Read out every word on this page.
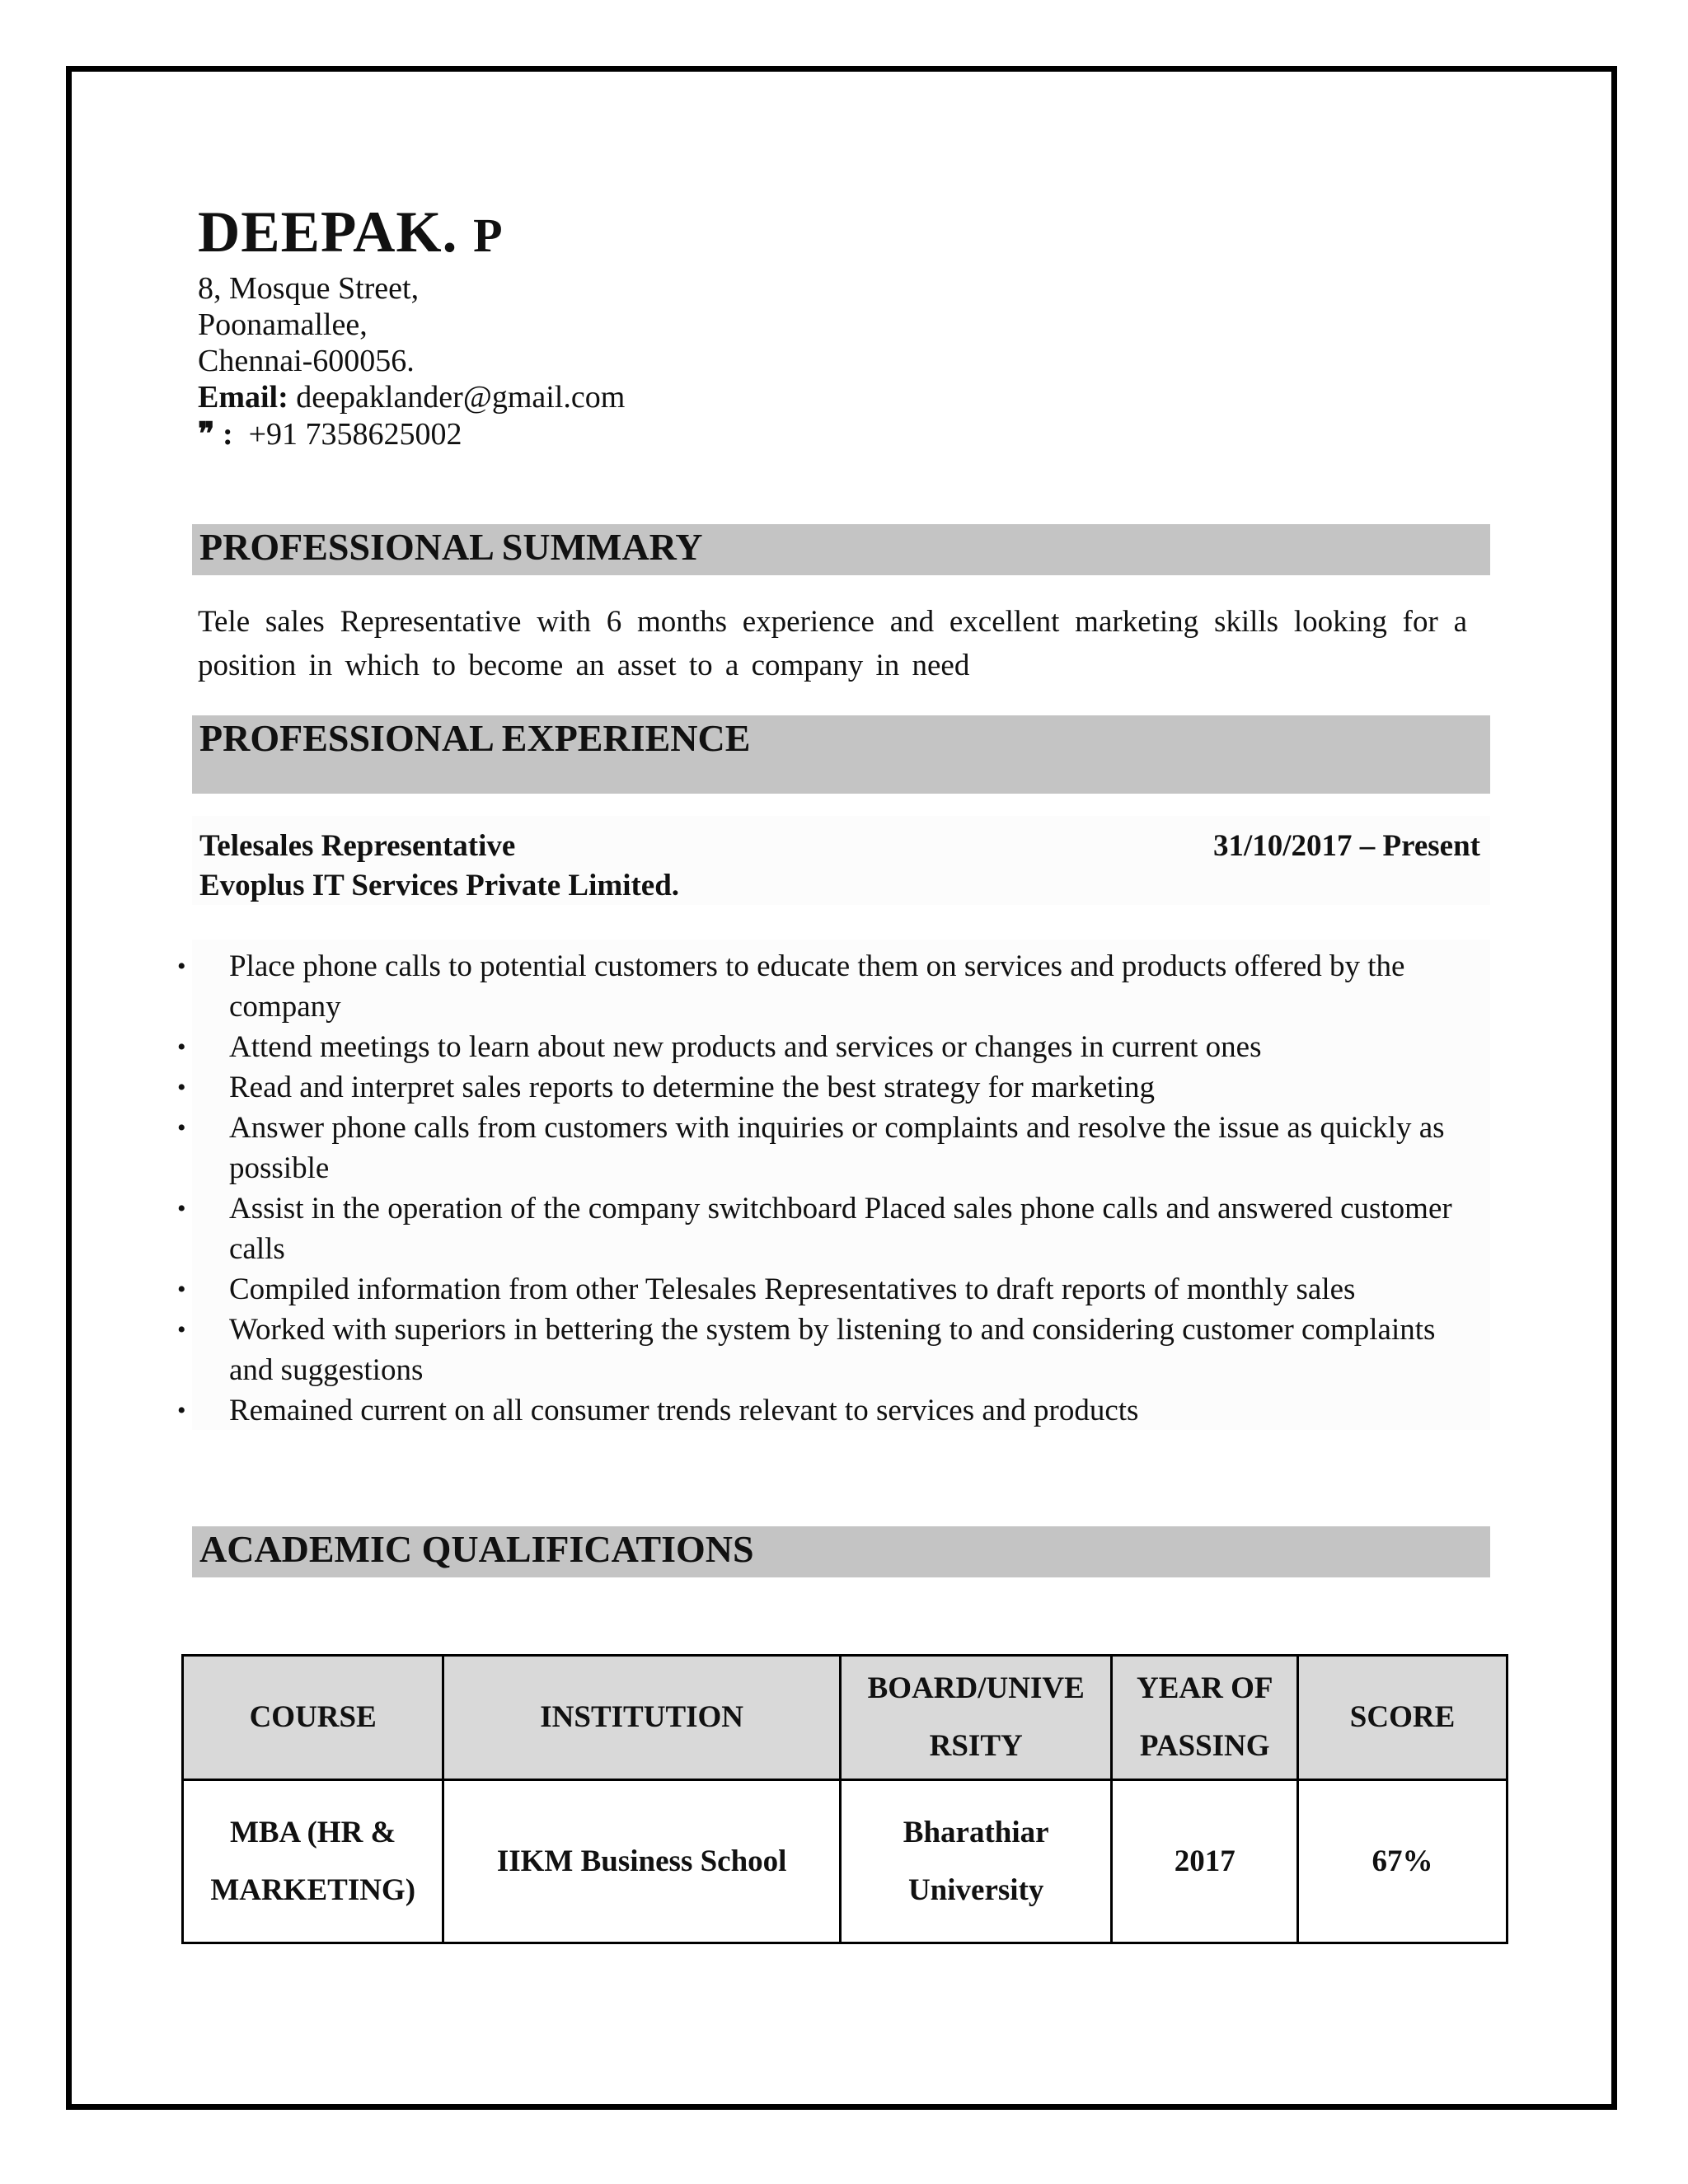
DEEPAK. P
8, Mosque Street,
Poonamallee,
Chennai-600056.
Email: deepaklander@gmail.com
❞ : +91 7358625002
PROFESSIONAL SUMMARY
Tele sales Representative with 6 months experience and excellent marketing skills looking for a position in which to become an asset to a company in need
PROFESSIONAL EXPERIENCE
Telesales Representative	31/10/2017 – Present
Evoplus IT Services Private Limited.
• Place phone calls to potential customers to educate them on services and products offered by the company
• Attend meetings to learn about new products and services or changes in current ones
• Read and interpret sales reports to determine the best strategy for marketing
• Answer phone calls from customers with inquiries or complaints and resolve the issue as quickly as possible
• Assist in the operation of the company switchboard Placed sales phone calls and answered customer calls
• Compiled information from other Telesales Representatives to draft reports of monthly sales
• Worked with superiors in bettering the system by listening to and considering customer complaints and suggestions
• Remained current on all consumer trends relevant to services and products
ACADEMIC QUALIFICATIONS
COURSE	INSTITUTION	BOARD/UNIVE RSITY	YEAR OF PASSING	SCORE
MBA (HR & MARKETING)	IIKM Business School	Bharathiar University	2017	67%
